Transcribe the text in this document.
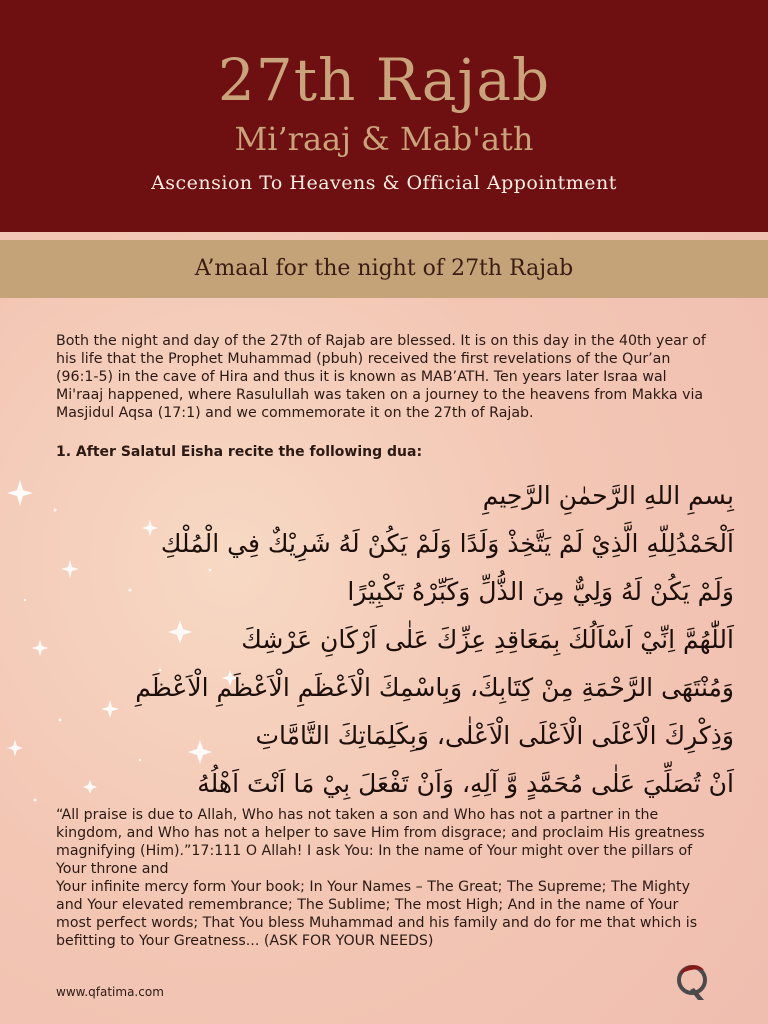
27th Rajab
Mi’raaj & Mab'ath
Ascension To Heavens & Official Appointment
A’maal for the night of 27th Rajab
Both the night and day of the 27th of Rajab are blessed. It is on this day in the 40th year of his life that the Prophet Muhammad (pbuh) received the first revelations of the Qur’an (96:1-5) in the cave of Hira and thus it is known as MAB’ATH. Ten years later Israa wal Mi'raaj happened, where Rasulullah was taken on a journey to the heavens from Makka via Masjidul Aqsa (17:1) and we commemorate it on the 27th of Rajab.
1. After Salatul Eisha recite the following dua:
بِسمِ اللهِ الرَّحمٰنِ الرَّحِيمِ
اَلْحَمْدُلِلّهِ الَّذِيْ لَمْ يَتَّخِذْ وَلَدًا وَلَمْ يَكُنْ لَهُ شَرِيْكٌ فِي الْمُلْكِ
وَلَمْ يَكُنْ لَهُ وَلِيٌّ مِنَ الذُّلِّ وَكَبِّرْهُ تَكْبِيْرًا
اَللّٰهُمَّ اِنِّيْ اَسْاَلُكَ بِمَعَاقِدِ عِزِّكَ عَلٰى اَرْكَانِ عَرْشِكَ
وَمُنْتَهَى الرَّحْمَةِ مِنْ كِتَابِكَ، وَبِاسْمِكَ الْاَعْظَمِ الْاَعْظَمِ الْاَعْظَمِ
وَذِكْرِكَ الْاَعْلَى الْاَعْلَى الْاَعْلٰى، وَبِكَلِمَاتِكَ التَّامَّاتِ
اَنْ تُصَلِّيَ عَلٰى مُحَمَّدٍ وَّ آلِهِ، وَاَنْ تَفْعَلَ بِيْ مَا اَنْتَ اَهْلُهُ

“All praise is due to Allah, Who has not taken a son and Who has not a partner in the kingdom, and Who has not a helper to save Him from disgrace; and proclaim His greatness magnifying (Him).”17:111 O Allah! I ask You: In the name of Your might over the pillars of Your throne and

Your infinite mercy form Your book; In Your Names – The Great; The Supreme; The Mighty and Your elevated remembrance; The Sublime; The most High; And in the name of Your most perfect words; That You bless Muhammad and his family and do for me that which is befitting to Your Greatness... (ASK FOR YOUR NEEDS)

www.qfatima.com
